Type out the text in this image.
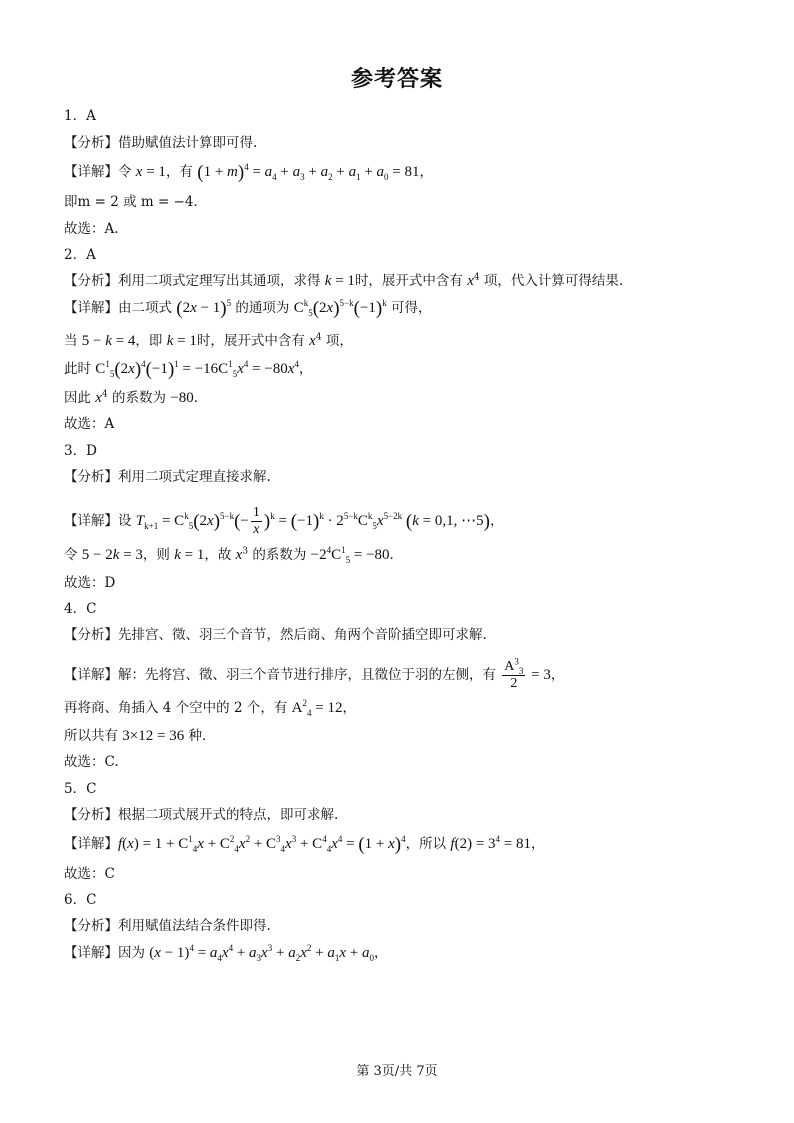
参考答案
1．A
【分析】借助赋值法计算即可得.
【详解】令 x = 1，有 $(1 + m)^4 = a_4 + a_3 + a_2 + a_1 + a_0 = 81$，
即m = 2 或 m = −4．
故选：A.
2．A
【分析】利用二项式定理写出其通项，求得 k = 1时，展开式中含有 $x^4$ 项，代入计算可得结果.
【详解】由二项式 $(2x - 1)^5$ 的通项为 $C^k_5(2x)^{5-k}(-1)^k$ 可得，
当 5 − k = 4，即 k = 1时，展开式中含有 $x^4$ 项，
此时 $C^1_5(2x)^4(-1)^1 = -16C^1_5x^4 = -80x^4$，
因此 $x^4$ 的系数为 −80．
故选：A
3．D
【分析】利用二项式定理直接求解.
【详解】设 $T_{k+1} = C^k_5(2x)^{5-k}(- \frac{1}{x} )^k = (-1)^k \cdot 2^{5-k}C^k_5x^{5-2k}$ (k = 0,1, ⋯5)，
令 5 − 2k = 3，则 k = 1，故 $x^3$ 的系数为 $-2^4C^1_5 = -80$．
故选：D
4．C
【分析】先排宫、徵、羽三个音节，然后商、角两个音阶插空即可求解.
【详解】解：先将宫、徵、羽三个音节进行排序，且徵位于羽的左侧，有 $\frac{A^3_3}{2} = 3$，
再将商、角插入 4 个空中的 2 个，有 $A^2_4 = 12$，
所以共有 3×12 = 36 种．
故选：C.
5．C
【分析】根据二项式展开式的特点，即可求解.
【详解】$f(x) = 1 + C^1_4x + C^2_4x^2 + C^3_4x^3 + C^4_4x^4 = (1 + x)^4$，所以 $f(2) = 3^4 = 81$，
故选：C
6．C
【分析】利用赋值法结合条件即得.
【详解】因为 $(x - 1)^4 = a_4x^4 + a_3x^3 + a_2x^2 + a_1x + a_0$，
第 3页/共 7页
